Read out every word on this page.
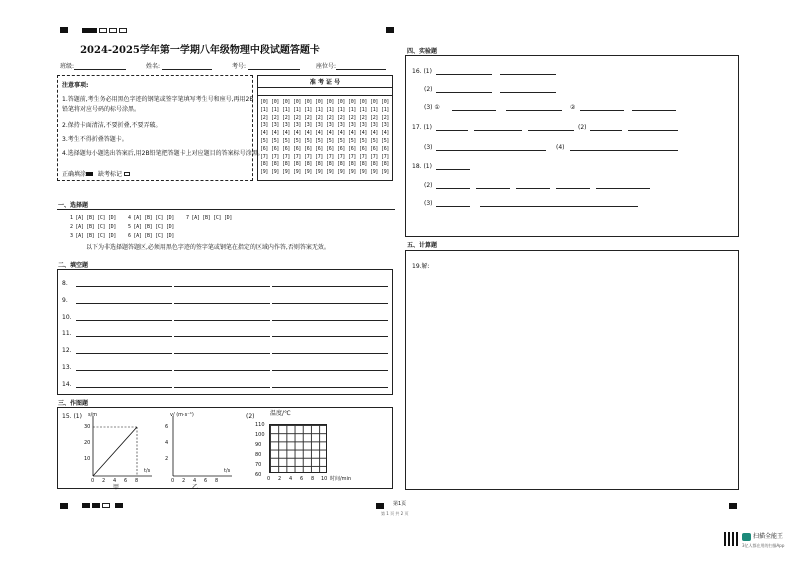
2024-2025学年第一学期八年级物理中段试题答题卡
班级:	姓名:	考号:	座位号:
注意事项:
1.答题前,考生务必用黑色字迹的钢笔或签字笔填写考生号和座号,再用2B
铅笔将对应号码的标号涂黑。
2.保持卡面清洁,不要折叠,不要弄破。
3.考生不得折叠答题卡。
4.选择题每小题选出答案后,用2B铅笔把答题卡上对应题目的答案标号涂黑。
正确填涂 缺考标记
准 考 证 号
[0] [0] [0] [0] [0] [0] [0] [0] [0] [0] [0] [0]
[1] [1] [1] [1] [1] [1] [1] [1] [1] [1] [1] [1]
[2] [2] [2] [2] [2] [2] [2] [2] [2] [2] [2] [2]
[3] [3] [3] [3] [3] [3] [3] [3] [3] [3] [3] [3]
[4] [4] [4] [4] [4] [4] [4] [4] [4] [4] [4] [4]
[5] [5] [5] [5] [5] [5] [5] [5] [5] [5] [5] [5]
[6] [6] [6] [6] [6] [6] [6] [6] [6] [6] [6] [6]
[7] [7] [7] [7] [7] [7] [7] [7] [7] [7] [7] [7]
[8] [8] [8] [8] [8] [8] [8] [8] [8] [8] [8] [8]
[9] [9] [9] [9] [9] [9] [9] [9] [9] [9] [9] [9]
一、选择题
1 [A] [B] [C] [D] 4 [A] [B] [C] [D] 7 [A] [B] [C] [D]
2 [A] [B] [C] [D] 5 [A] [B] [C] [D]
3 [A] [B] [C] [D] 6 [A] [B] [C] [D]
以下为非选择题答题区,必须用黑色字迹的签字笔或钢笔在指定的区域内作答,否则答案无效。
二、填空题
8.
9.
10.
11.
12.
13.
14.
三、作图题
15. (1) s/m
30
20
10
0 2 4 6 8
t/s
甲
v/ (m·s⁻¹)
6
4
2
0 2 4 6 8
t/s
乙
(2)	温度/℃
110
100
90
80
70
60
0 2 4 6 8 10 时间/min
四、实验题
16. (1)
(2)
(3) ①	②
17. (1)	(2)
(3)	(4)
18. (1)
(2)
(3)
五、计算题
19.解:
第1页
第 1 页 共 2 页
扫描全能王
3亿人都在用的扫描App
